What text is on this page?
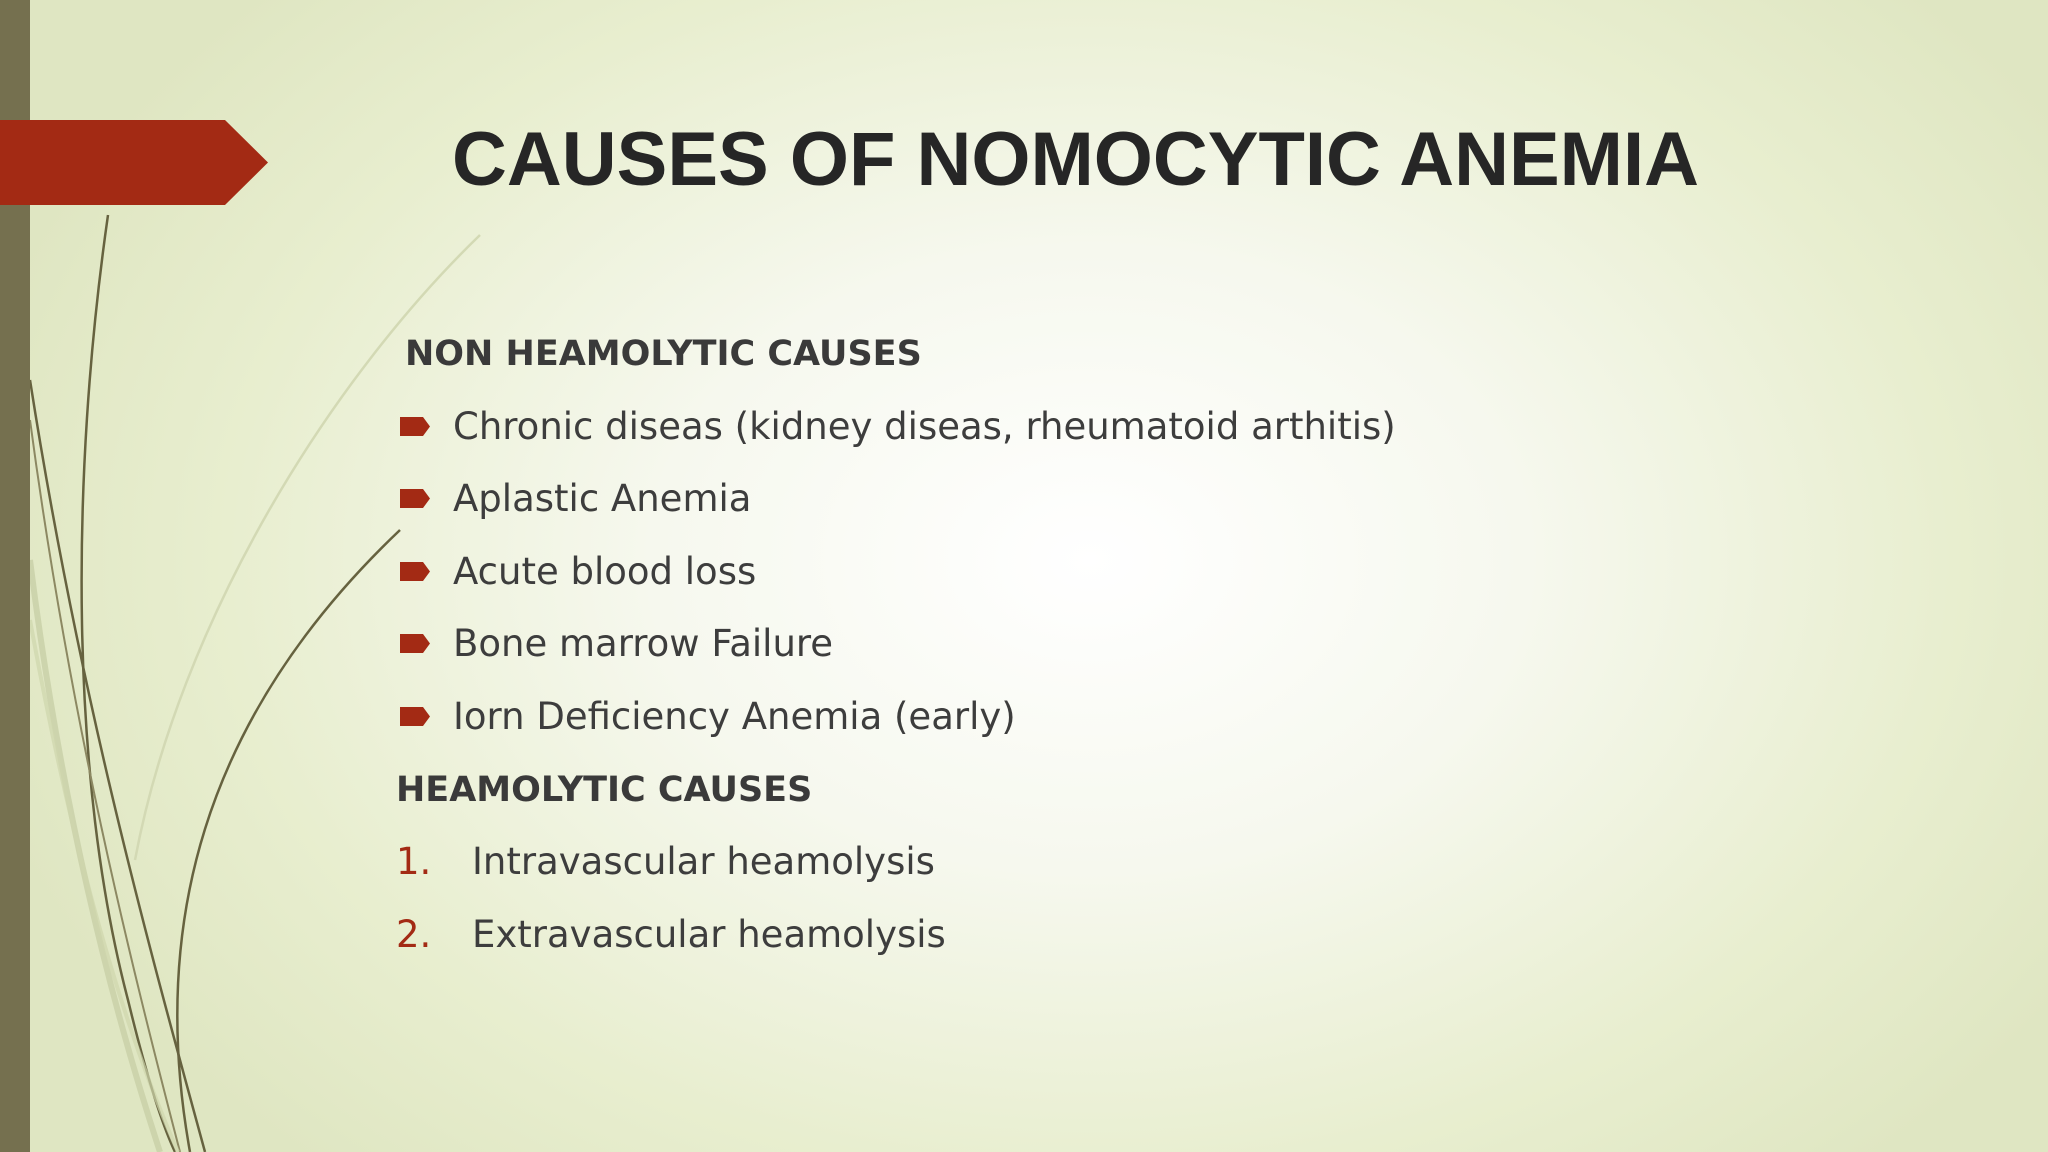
CAUSES OF NOMOCYTIC ANEMIA
NON HEAMOLYTIC CAUSES
Chronic diseas (kidney diseas, rheumatoid arthitis)
Aplastic Anemia
Acute blood loss
Bone marrow Failure
Iorn Deficiency Anemia (early)
HEAMOLYTIC CAUSES
1. Intravascular heamolysis
2. Extravascular heamolysis
